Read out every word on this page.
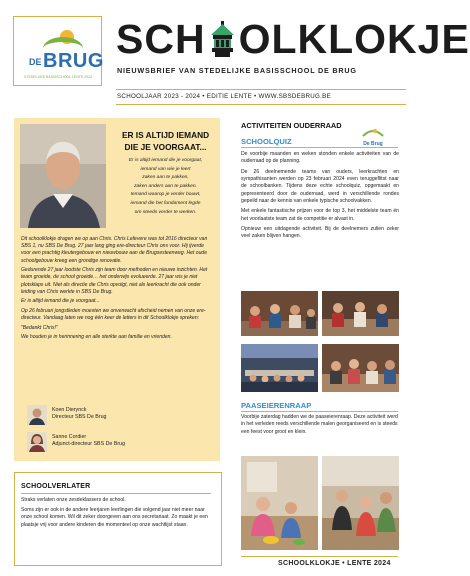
DE BRUG
STEDELIJKE BASISSCHOOL LENTE 2024
SCH OLKLOKJE
NIEUWSBRIEF VAN STEDELIJKE BASISSCHOOL DE BRUG
SCHOOLJAAR 2023 - 2024 • EDITIE LENTE • WWW.SBSDEBRUG.BE
ER IS ALTIJD IEMAND DIE JE VOORGAAT...
Er is altijd iemand die je voorgaat,
iemand van wie je leert
zaken aan te pakken,
zaken anders aan te pakken.
Iemand waarop je verder bouwt,
iemand die het fundament legde
om steeds verder te werken.

Dit schoolklokje dragen we op aan Chris. Chris Lefevere was tot 2016 directeur van SBS 1, nu SBS De Brug. 27 jaar lang ging ere-directeur Chris ons voor. Hij ijverde voor een prachtig kleutergebouw en nieuwbouw aan de Brugsesteenweg. Het oude schoolgebouw kreeg een grondige renovatie.

Gedurende 27 jaar loodste Chris zijn team door methoden en nieuwe inzichten. Het team groeide, de school groeide… het onderwijs evolueerde. 27 jaar wis je niet plotsklaps uit. Niet als directie die Chris opvolgt, niet als leerkracht die ook onder leiding van Chris werkte in SBS De Brug.

Er is altijd iemand die je voorgaat...

Op 26 februari jongstleden moesten we onverwacht afscheid nemen van onze ere-directeur. Vandaag laten we nog één keer de letters in dit Schoolklokje spreken:

"Bedankt Chris!"

We houden je in herinnering en alle sterkte aan familie en vrienden.

Koen Dierynck
Directeur SBS De Brug
Sanne Cordier
Adjunct-directeur SBS De Brug
SCHOOLVERLATER

Straks verlaten onze zesdeklassers de school.

Soms zijn er ook in de andere leerjaren leerlingen die volgend jaar niet meer naar onze school komen. Wil dit zeker doorgeven aan ons secretariaat. Zo maakt je een plaatsje vrij voor andere kinderen die momenteel op onze wachtlijst staan.

ACTIVITEITEN OUDERRAAD
De Brug
SCHOOLQUIZ

De voorbije maanden en weken stonden enkele activiteiten van de ouderraad op de planning.

De 26 deelnemende teams van ouders, leerkrachten en sympathisanten werden op 23 februari 2024 even teruggeflitst naar de schoolbanken. Tijdens deze echte schoolquiz, opgemaakt en gepresenteerd door de ouderraad, werd in verschillende rondes gepeild naar de kennis van enkele typische schoolvakken.

Met enkele fantastische prijzen voor de top 3, het middelste team én het voorlaatste team zat de competitie er alvast in.

Opnieuw een uitdagende activiteit. Bij de deelnemers zullen zeker veel zaken blijven hangen.

PAASEIERENRAAP
Voorbije zaterdag hadden we de paaseierenraap. Deze activiteit werd in het verleden reeds verschillende malen georganiseerd en is steeds een feest voor groot en klein.
SCHOOLKLOKJE • LENTE 2024
